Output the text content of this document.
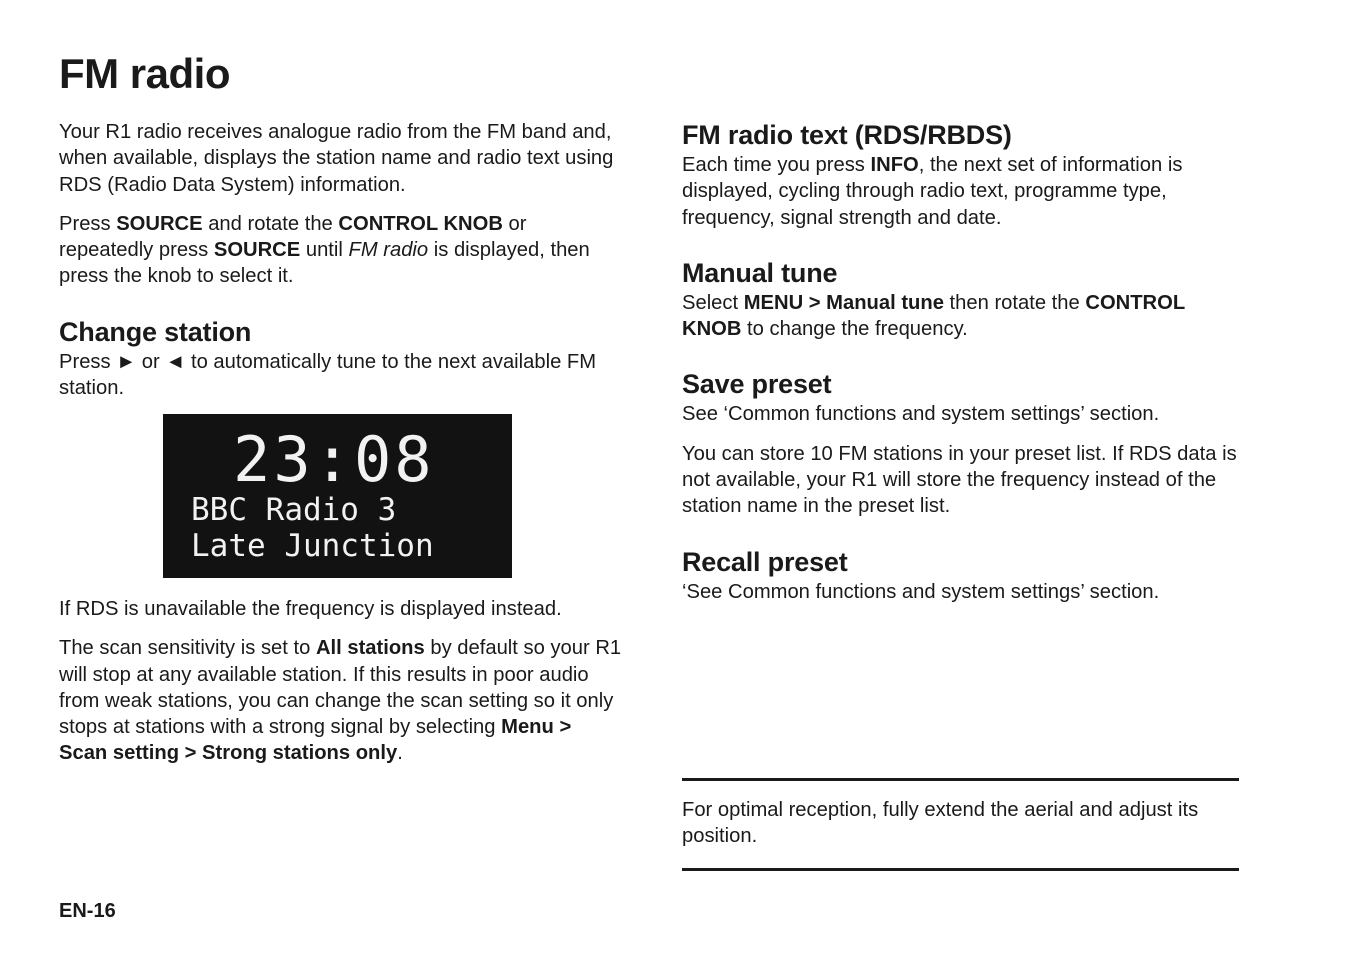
FM radio

Your R1 radio receives analogue radio from the FM band and, when available, displays the station name and radio text using RDS (Radio Data System) information.

Press SOURCE and rotate the CONTROL KNOB or repeatedly press SOURCE until FM radio is displayed, then press the knob to select it.

Change station

Press ► or ◄ to automatically tune to the next available FM station.

23:08
BBC Radio 3
Late Junction

If RDS is unavailable the frequency is displayed instead.

The scan sensitivity is set to All stations by default so your R1 will stop at any available station. If this results in poor audio from weak stations, you can change the scan setting so it only stops at stations with a strong signal by selecting Menu > Scan setting > Strong stations only.

FM radio text (RDS/RBDS)

Each time you press INFO, the next set of information is displayed, cycling through radio text, programme type, frequency, signal strength and date.

Manual tune

Select MENU > Manual tune then rotate the CONTROL KNOB to change the frequency.

Save preset

See ‘Common functions and system settings’ section.

You can store 10 FM stations in your preset list. If RDS data is not available, your R1 will store the frequency instead of the station name in the preset list.

Recall preset

‘See Common functions and system settings’ section.

For optimal reception, fully extend the aerial and adjust its position.

EN-16
